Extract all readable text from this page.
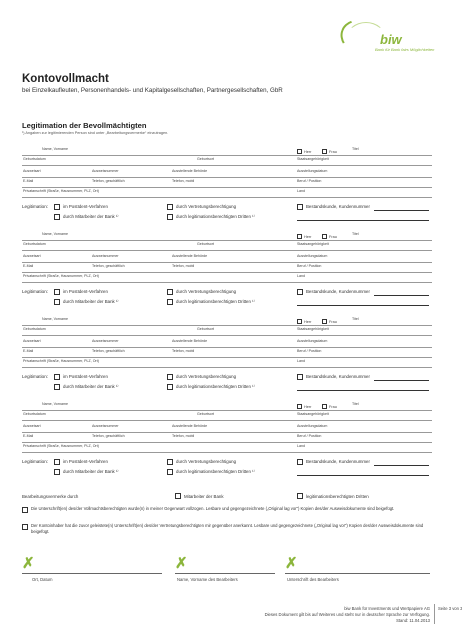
biw
Bank für Bank fairs Möglichkeiten
Kontovollmacht
bei Einzelkaufleuten, Personenhandels- und Kapitalgesellschaften, Partnergesellschaften, GbR
Legitimation der Bevollmächtigten
¹) Angaben zur legitimierenden Person sind unter „Bearbeitungsvermerke“ einzutragen.
Name, Vorname
Herr	Frau
Titel
Geburtsdatum	Geburtsort	Staatsangehörigkeit
Ausweisart	Ausweisnummer	Ausstellende Behörde	Ausstellungsdatum
E-Mail	Telefon, geschäftlich	Telefon, mobil	Beruf / Position
Privatanschrift (Straße, Hausnummer, PLZ, Ort)	Land
Legitimation:	im PostIdent-Verfahren
durch Mitarbeiter der Bank ¹⁾
durch Vertretungsberechtigung
durch legitimationsberechtigten Dritten ¹⁾
Bestandskunde, Kundennummer
Name, Vorname
Herr	Frau
Titel
Geburtsdatum	Geburtsort	Staatsangehörigkeit
Ausweisart	Ausweisnummer	Ausstellende Behörde	Ausstellungsdatum
E-Mail	Telefon, geschäftlich	Telefon, mobil	Beruf / Position
Privatanschrift (Straße, Hausnummer, PLZ, Ort)	Land
Legitimation:	im PostIdent-Verfahren
durch Mitarbeiter der Bank ¹⁾
durch Vertretungsberechtigung
durch legitimationsberechtigten Dritten ¹⁾
Bestandskunde, Kundennummer
Name, Vorname
Herr	Frau
Titel
Geburtsdatum	Geburtsort	Staatsangehörigkeit
Ausweisart	Ausweisnummer	Ausstellende Behörde	Ausstellungsdatum
E-Mail	Telefon, geschäftlich	Telefon, mobil	Beruf / Position
Privatanschrift (Straße, Hausnummer, PLZ, Ort)	Land
Legitimation:	im PostIdent-Verfahren
durch Mitarbeiter der Bank ¹⁾
durch Vertretungsberechtigung
durch legitimationsberechtigten Dritten ¹⁾
Bestandskunde, Kundennummer
Name, Vorname
Herr	Frau
Titel
Geburtsdatum	Geburtsort	Staatsangehörigkeit
Ausweisart	Ausweisnummer	Ausstellende Behörde	Ausstellungsdatum
E-Mail	Telefon, geschäftlich	Telefon, mobil	Beruf / Position
Privatanschrift (Straße, Hausnummer, PLZ, Ort)	Land
Legitimation:	im PostIdent-Verfahren
durch Mitarbeiter der Bank ¹⁾
durch Vertretungsberechtigung
durch legitimationsberechtigten Dritten ¹⁾
Bestandskunde, Kundennummer
Bearbeitungsvermerke durch	Mitarbeiter der Bank	legitimationsberechtigten Dritten
Die Unterschrift(en) des/der Vollmachtsberechtigten wurde(n) in meiner Gegenwart vollzogen. Lesbare und gegengezeichnete („Original lag vor“) Kopien des/der Ausweisdokumente sind beigefügt.
Der Kontoinhaber hat die zuvor geleistete(n) Unterschrift(en) des/der Vertretungsberechtigten mir gegenüber anerkannt. Lesbare und gegengezeichnete („Original lag vor“) Kopien des/der Ausweisdokumente sind beigefügt.
✗	✗	✗
Ort, Datum	Name, Vorname des Bearbeiters	Unterschrift des Bearbeiters
biw Bank für Investments und Wertpapiere AG
Dieses Dokument gilt bis auf Weiteres und steht nur in deutscher Sprache zur Verfügung.
Stand: 11.04.2013
Seite 3 von 3
